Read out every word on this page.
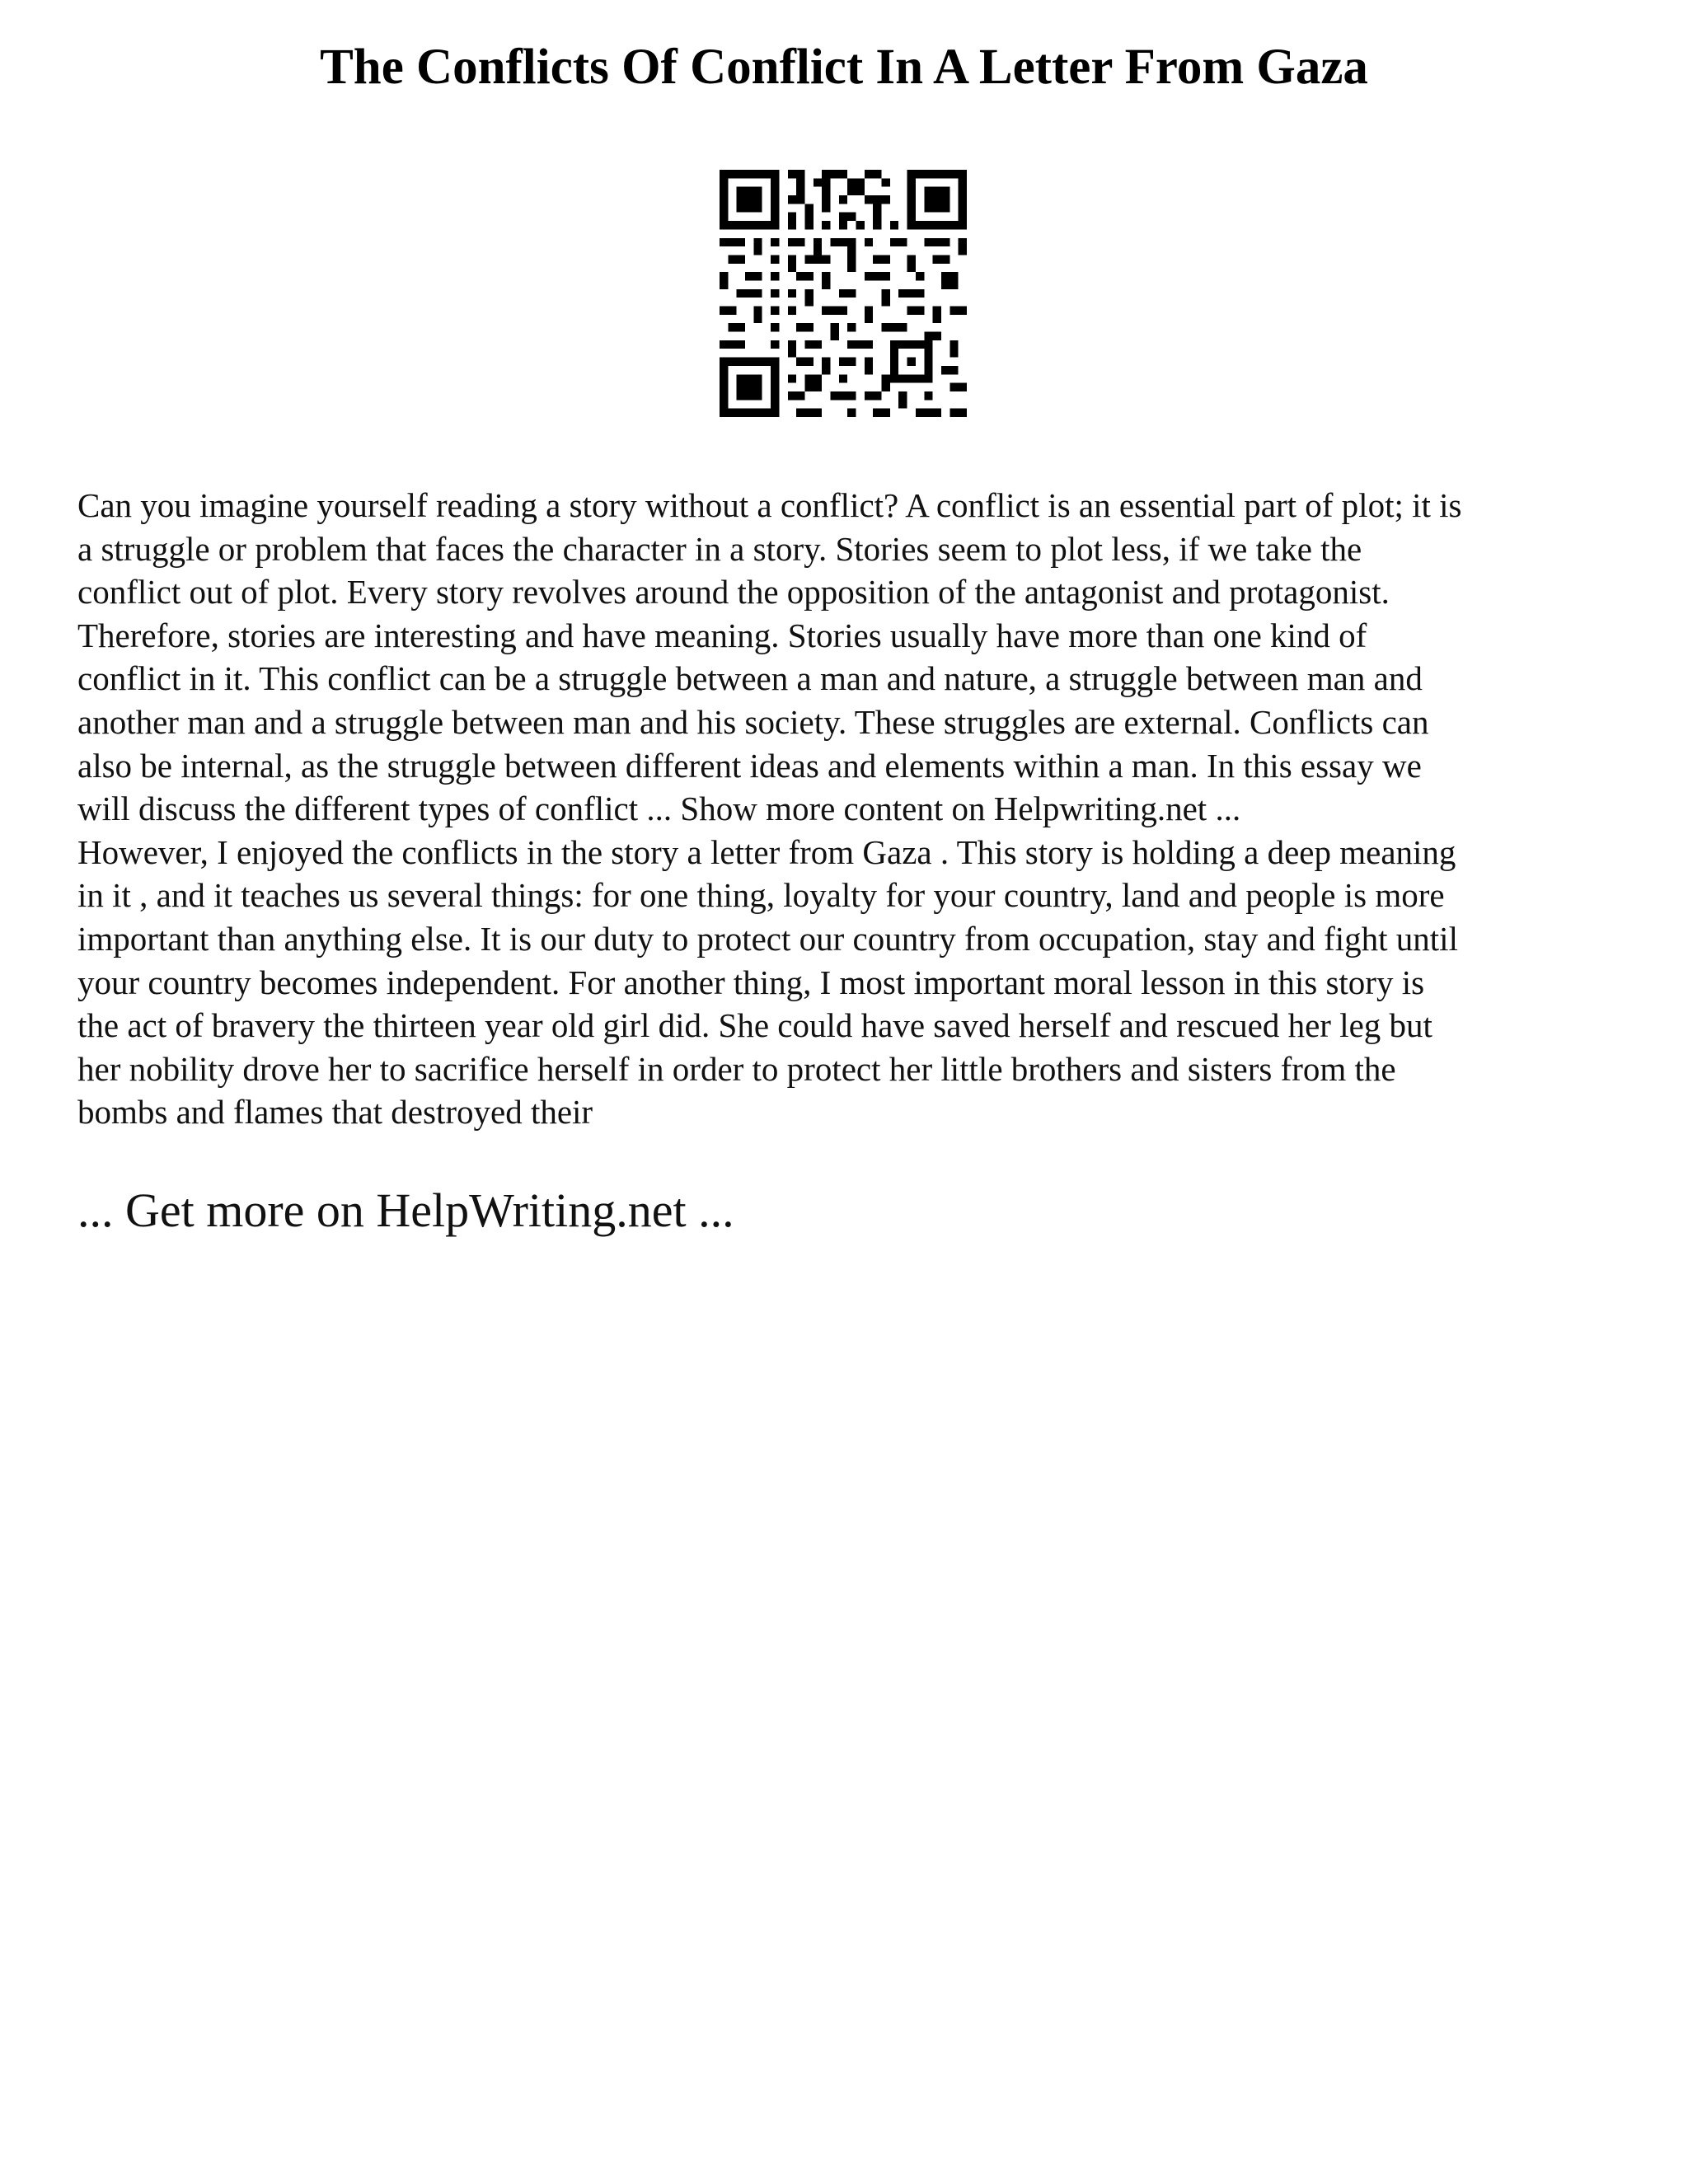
The Conflicts Of Conflict In A Letter From Gaza

Can you imagine yourself reading a story without a conflict? A conflict is an essential part of plot; it is
a struggle or problem that faces the character in a story. Stories seem to plot less, if we take the
conflict out of plot. Every story revolves around the opposition of the antagonist and protagonist.
Therefore, stories are interesting and have meaning. Stories usually have more than one kind of
conflict in it. This conflict can be a struggle between a man and nature, a struggle between man and
another man and a struggle between man and his society. These struggles are external. Conflicts can
also be internal, as the struggle between different ideas and elements within a man. In this essay we
will discuss the different types of conflict ... Show more content on Helpwriting.net ...

However, I enjoyed the conflicts in the story a letter from Gaza . This story is holding a deep meaning
in it , and it teaches us several things: for one thing, loyalty for your country, land and people is more
important than anything else. It is our duty to protect our country from occupation, stay and fight until
your country becomes independent. For another thing, I most important moral lesson in this story is
the act of bravery the thirteen year old girl did. She could have saved herself and rescued her leg but
her nobility drove her to sacrifice herself in order to protect her little brothers and sisters from the
bombs and flames that destroyed their

... Get more on HelpWriting.net ...
